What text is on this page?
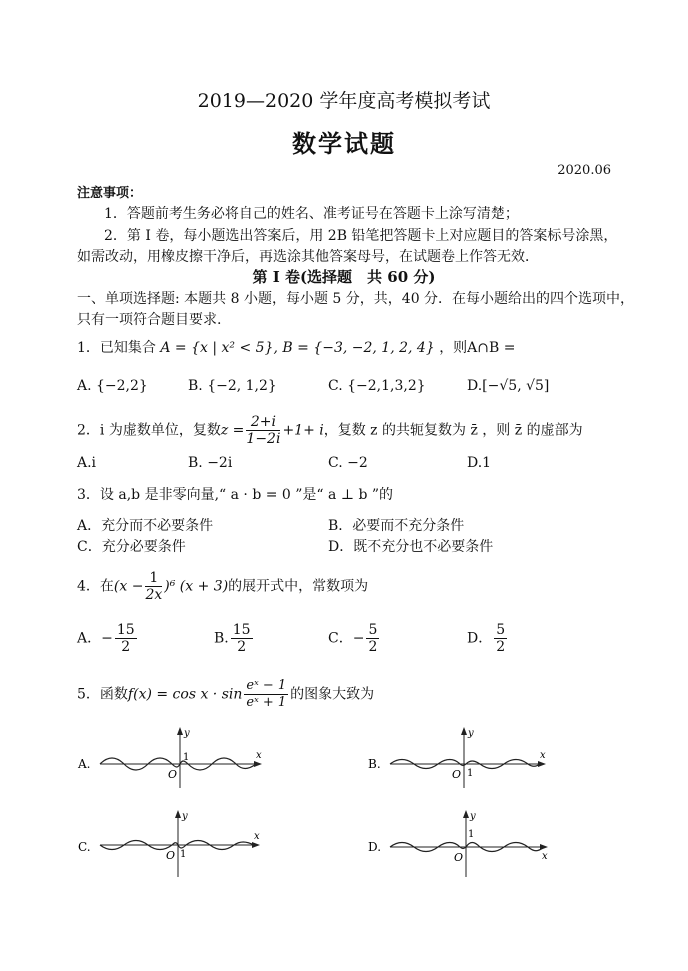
2019—2020 学年度高考模拟考试
数学试题
2020.06
注意事项：
1．答题前考生务必将自己的姓名、准考证号在答题卡上涂写清楚；
2．第 I 卷，每小题选出答案后，用 2B 铅笔把答题卡上对应题目的答案标号涂黑，
如需改动，用橡皮擦干净后，再选涂其他答案母号，在试题卷上作答无效．
第 I 卷(选择题　共 60 分)
一、单项选择题: 本题共 8 小题，每小题 5 分，共，40 分．在每小题给出的四个选项中，
只有一项符合题目要求.
1．已知集合 A = {x | x² < 5}, B = {−3, −2, 1, 2, 4} ，则A∩B =
A. {−2,2}	B. {−2, 1,2}	C. {−2,1,3,2}	D.[−√5, √5]
2．i 为虚数单位，复数$z = \frac{2+i}{1-2i} +1+ i$，复数 z 的共轭复数为 z̄ ，则 z̄ 的虚部为
A.i	B. −2i	C. −2	D.1
3．设 a,b 是非零向量,“ a · b = 0 ”是“ a ⊥ b ”的
A．充分而不必要条件	B．必要而不充分条件
C．充分必要条件	D．既不充分也不必要条件
4．在$(x - \frac{1}{2x} )^6$ (x + 3)的展开式中，常数项为
A．− $\frac{15}{2}$	B. $\frac{15}{2}$	C．− $\frac{5}{2}$	D． $\frac{5}{2}$
5．函数$f(x) = \cos x \cdot \sin \frac{\text{eˣ − 1}}{\text{eˣ + 1}}$ 的图象大致为
A.
x
y
O
1	B.
x
y
O 1
C.
x
y
O 1
D.
x
y
O
1
